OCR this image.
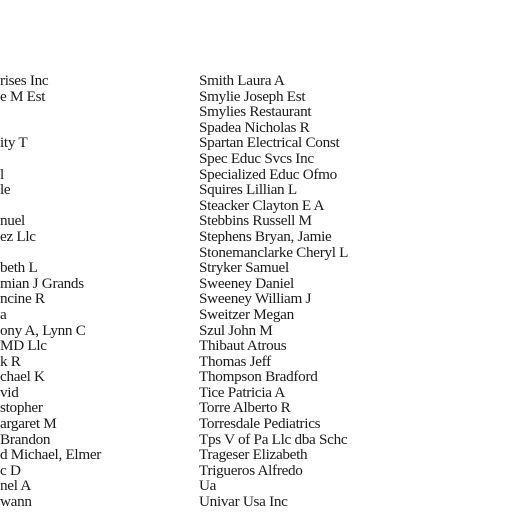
rises Inc
e M Est
ity T
l
le
nuel
ez Llc
beth L
mian J Grands
ncine R
a
ony A, Lynn C
MD Llc
k R
chael K
vid
stopher
argaret M
Brandon
d Michael, Elmer
c D
nel A
wann
Smith Laura A
Smylie Joseph Est
Smylies Restaurant
Spadea Nicholas R
Spartan Electrical Const
Spec Educ Svcs Inc
Specialized Educ Ofmo
Squires Lillian L
Steacker Clayton E A
Stebbins Russell M
Stephens Bryan, Jamie
Stonemanclarke Cheryl L
Stryker Samuel
Sweeney Daniel
Sweeney William J
Sweitzer Megan
Szul John M
Thibaut Atrous
Thomas Jeff
Thompson Bradford
Tice Patricia A
Torre Alberto R
Torresdale Pediatrics
Tps V of Pa Llc dba Schc
Trageser Elizabeth
Trigueros Alfredo
Ua
Univar Usa Inc
